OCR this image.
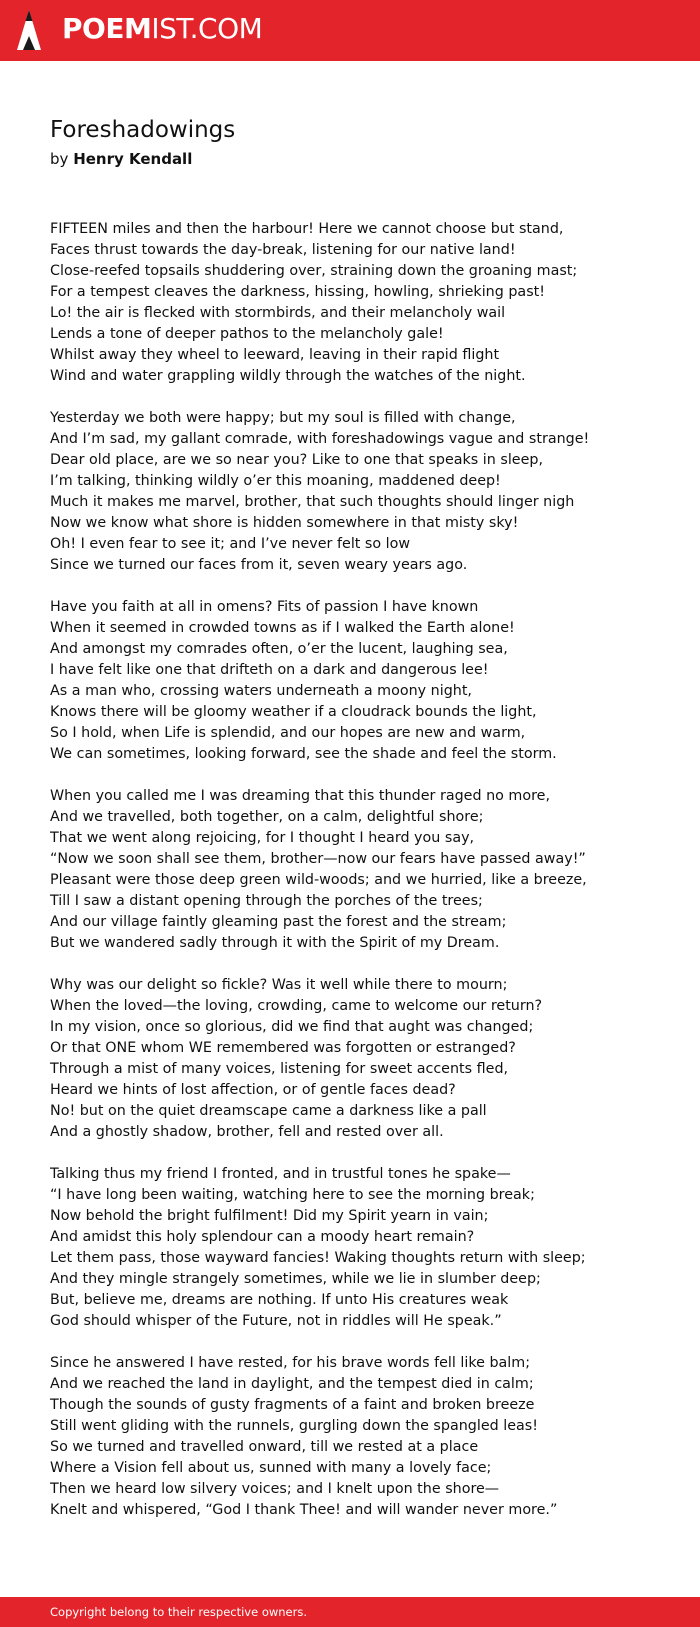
POEMIST.COM
Foreshadowings
by Henry Kendall
FIFTEEN miles and then the harbour! Here we cannot choose but stand,
Faces thrust towards the day-break, listening for our native land!
Close-reefed topsails shuddering over, straining down the groaning mast;
For a tempest cleaves the darkness, hissing, howling, shrieking past!
Lo! the air is flecked with stormbirds, and their melancholy wail
Lends a tone of deeper pathos to the melancholy gale!
Whilst away they wheel to leeward, leaving in their rapid flight
Wind and water grappling wildly through the watches of the night.
Yesterday we both were happy; but my soul is filled with change,
And I’m sad, my gallant comrade, with foreshadowings vague and strange!
Dear old place, are we so near you? Like to one that speaks in sleep,
I’m talking, thinking wildly o’er this moaning, maddened deep!
Much it makes me marvel, brother, that such thoughts should linger nigh
Now we know what shore is hidden somewhere in that misty sky!
Oh! I even fear to see it; and I’ve never felt so low
Since we turned our faces from it, seven weary years ago.
Have you faith at all in omens? Fits of passion I have known
When it seemed in crowded towns as if I walked the Earth alone!
And amongst my comrades often, o’er the lucent, laughing sea,
I have felt like one that drifteth on a dark and dangerous lee!
As a man who, crossing waters underneath a moony night,
Knows there will be gloomy weather if a cloudrack bounds the light,
So I hold, when Life is splendid, and our hopes are new and warm,
We can sometimes, looking forward, see the shade and feel the storm.
When you called me I was dreaming that this thunder raged no more,
And we travelled, both together, on a calm, delightful shore;
That we went along rejoicing, for I thought I heard you say,
“Now we soon shall see them, brother—now our fears have passed away!”
Pleasant were those deep green wild-woods; and we hurried, like a breeze,
Till I saw a distant opening through the porches of the trees;
And our village faintly gleaming past the forest and the stream;
But we wandered sadly through it with the Spirit of my Dream.
Why was our delight so fickle? Was it well while there to mourn;
When the loved—the loving, crowding, came to welcome our return?
In my vision, once so glorious, did we find that aught was changed;
Or that ONE whom WE remembered was forgotten or estranged?
Through a mist of many voices, listening for sweet accents fled,
Heard we hints of lost affection, or of gentle faces dead?
No! but on the quiet dreamscape came a darkness like a pall
And a ghostly shadow, brother, fell and rested over all.
Talking thus my friend I fronted, and in trustful tones he spake—
“I have long been waiting, watching here to see the morning break;
Now behold the bright fulfilment! Did my Spirit yearn in vain;
And amidst this holy splendour can a moody heart remain?
Let them pass, those wayward fancies! Waking thoughts return with sleep;
And they mingle strangely sometimes, while we lie in slumber deep;
But, believe me, dreams are nothing. If unto His creatures weak
God should whisper of the Future, not in riddles will He speak.”
Since he answered I have rested, for his brave words fell like balm;
And we reached the land in daylight, and the tempest died in calm;
Though the sounds of gusty fragments of a faint and broken breeze
Still went gliding with the runnels, gurgling down the spangled leas!
So we turned and travelled onward, till we rested at a place
Where a Vision fell about us, sunned with many a lovely face;
Then we heard low silvery voices; and I knelt upon the shore—
Knelt and whispered, “God I thank Thee! and will wander never more.”
Copyright belong to their respective owners.
